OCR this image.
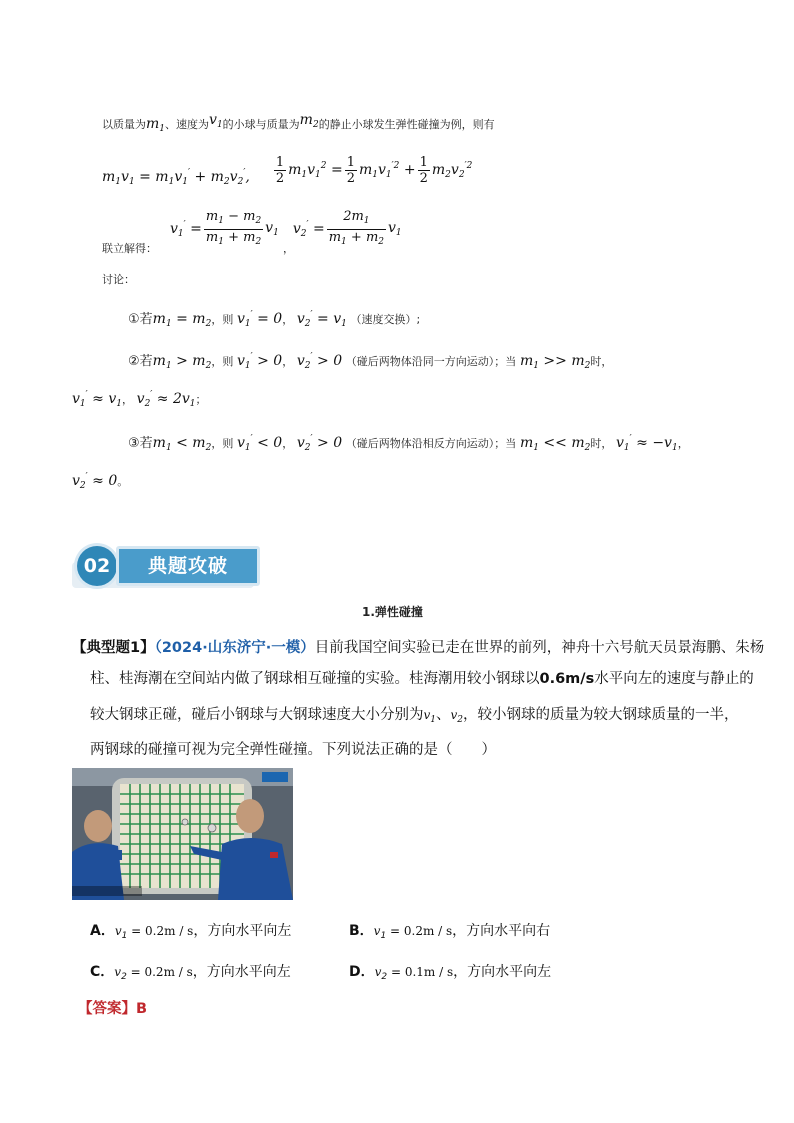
以质量为$m_1$、速度为$v_1$的小球与质量为$m_2$的静止小球发生弹性碰撞为例，则有
$m_1v_1 = m_1v_1' + m_2v_2'$, $\frac{1}{2} m_1v_1^2 = \frac{1}{2} m_1v_1^{'2} + \frac{1}{2} m_2v_2^{'2}$
$v_1' = \frac{m_1 - m_2}{m_1 + m_2} v_1$ $v_2' = \frac{2m_1}{m_1 + m_2} v_1$
联立解得：	，
讨论：
①若$m_1 = m_2$，则 $v_1' = 0$， $v_2' = v_1$ （速度交换）;
②若$m_1 > m_2$，则 $v_1' > 0$， $v_2' > 0$ （碰后两物体沿同一方向运动）；当 $m_1 >> m_2$时，
$v_1' \approx v_1$， $v_2' \approx 2v_1$；
③若$m_1 < m_2$，则 $v_1' < 0$， $v_2' > 0$ （碰后两物体沿相反方向运动）；当 $m_1 << m_2$时， $v_1' \approx -v_1$，
$v_2' \approx 0$。
02	典题攻破
1.弹性碰撞
【典型题1】（2024·山东济宁·一模）目前我国空间实验已走在世界的前列，神舟十六号航天员景海鹏、朱杨
柱、桂海潮在空间站内做了钢球相互碰撞的实验。桂海潮用较小钢球以0.6m/s水平向左的速度与静止的
较大钢球正碰，碰后小钢球与大钢球速度大小分别为$v_1$、$v_2$，较小钢球的质量为较大钢球质量的一半，
两钢球的碰撞可视为完全弹性碰撞。下列说法正确的是（　　）
A．$v_1 = 0.2m / s$，方向水平向左	B．$v_1 = 0.2m / s$，方向水平向右
C．$v_2 = 0.2m / s$，方向水平向左	D．$v_2 = 0.1m / s$，方向水平向左
【答案】B
